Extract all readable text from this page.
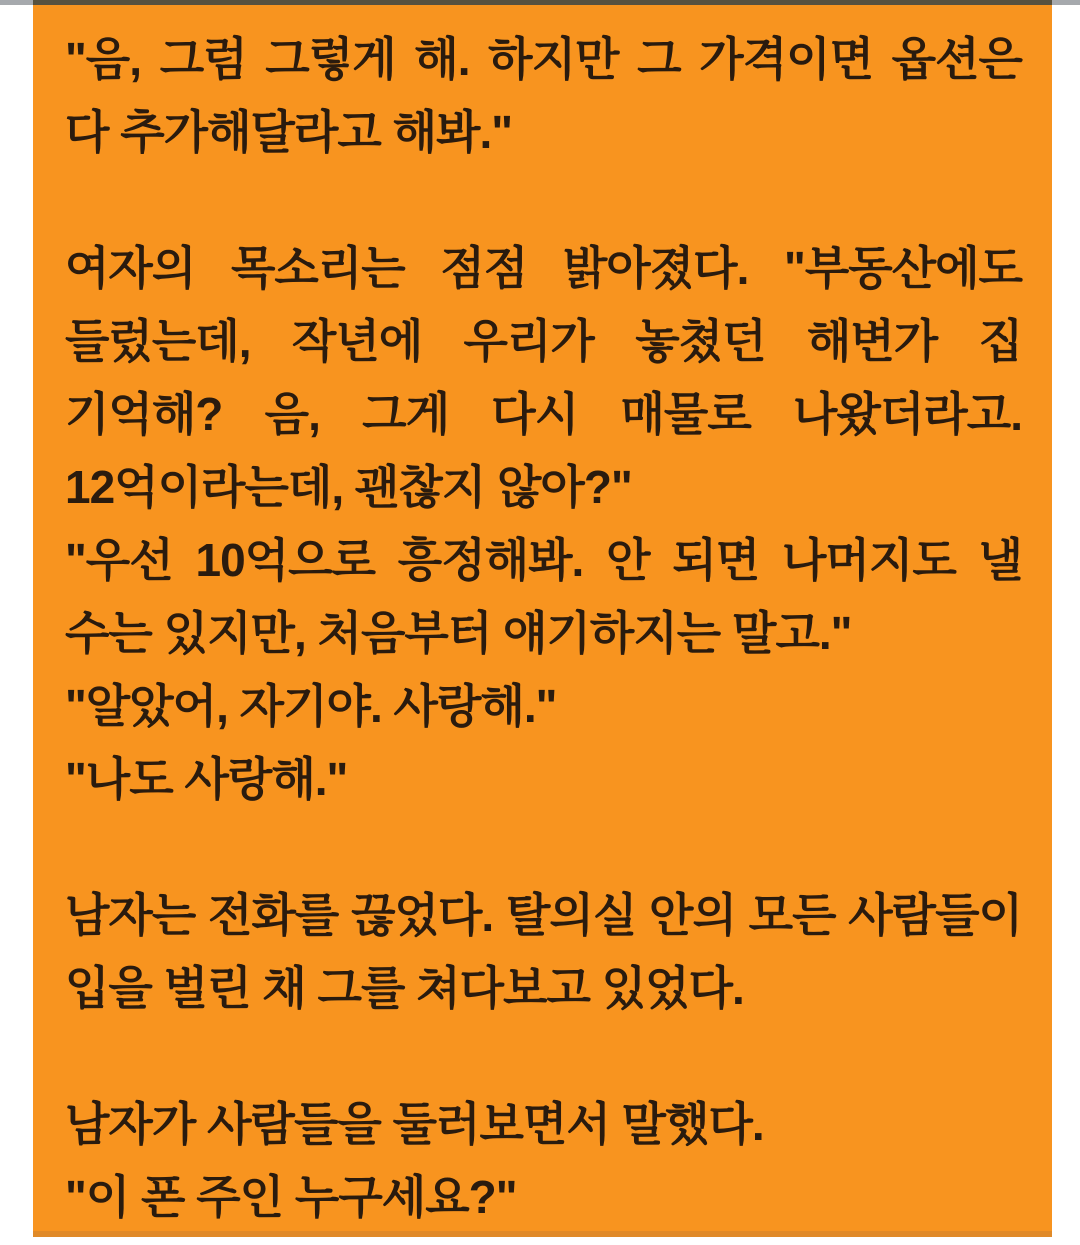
"음, 그럼 그렇게 해. 하지만 그 가격이면 옵션은 다 추가해달라고 해봐."

여자의 목소리는 점점 밝아졌다. "부동산에도 들렀는데, 작년에 우리가 놓쳤던 해변가 집 기억해? 음, 그게 다시 매물로 나왔더라고. 12억이라는데, 괜찮지 않아?"

"우선 10억으로 흥정해봐. 안 되면 나머지도 낼 수는 있지만, 처음부터 얘기하지는 말고."

"알았어, 자기야. 사랑해."

"나도 사랑해."

남자는 전화를 끊었다. 탈의실 안의 모든 사람들이 입을 벌린 채 그를 쳐다보고 있었다.

남자가 사람들을 둘러보면서 말했다.

"이 폰 주인 누구세요?"
